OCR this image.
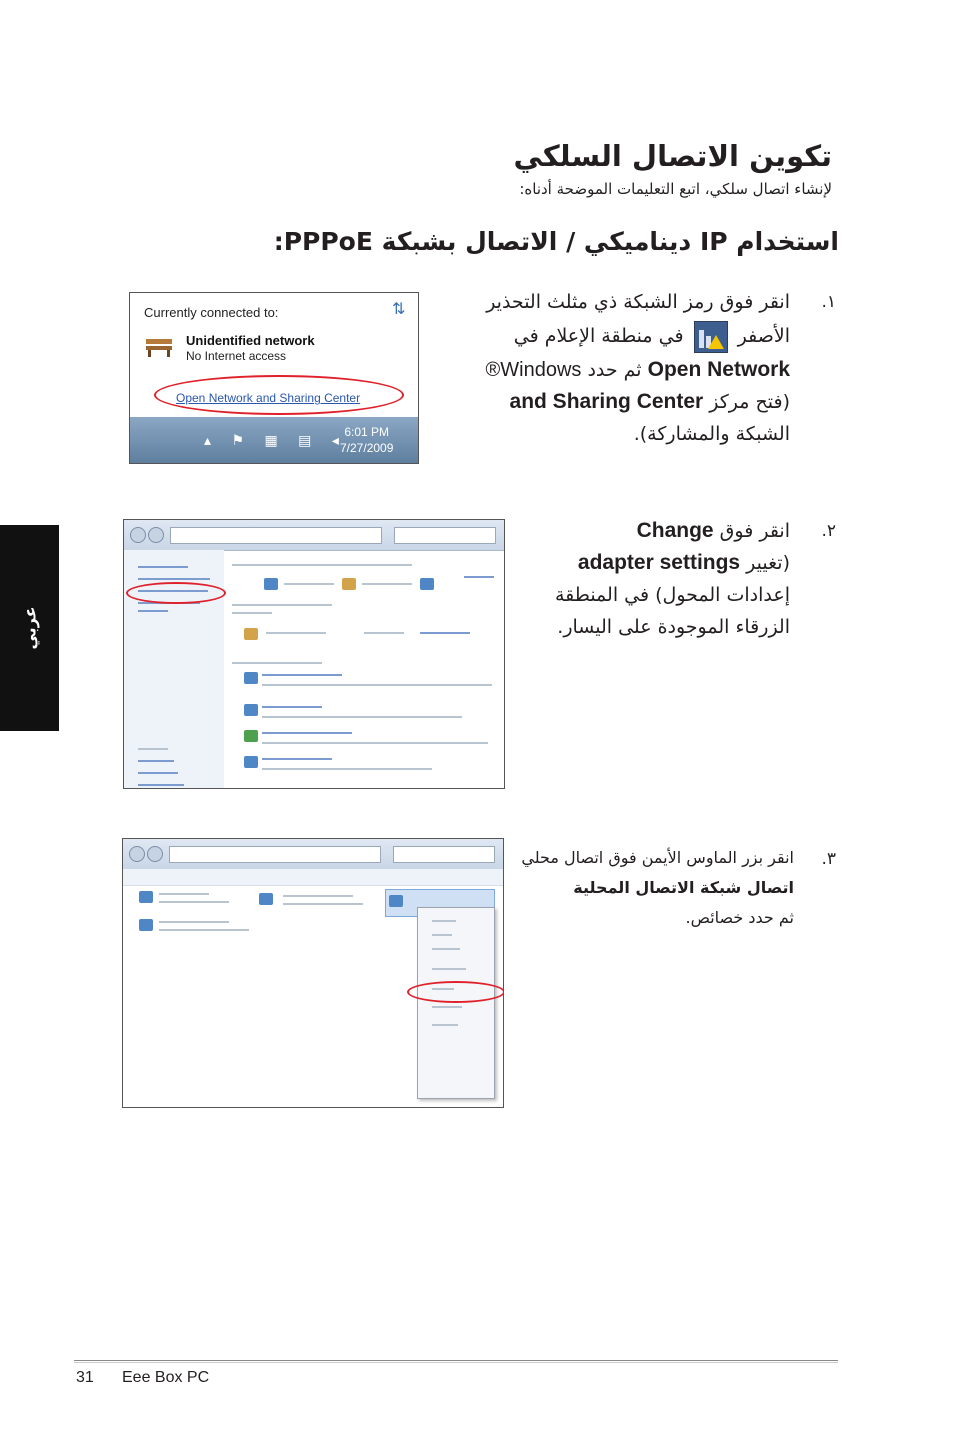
تكوين الاتصال السلكي
لإنشاء اتصال سلكي، اتبع التعليمات الموضحة أدناه:
استخدام IP ديناميكي / الاتصال بشبكة PPPoE:
.١
انقر فوق رمز الشبكة ذي مثلث التحذير
الأصفر
في منطقة الإعلام في
Open Network ثم حدد Windows®
(فتح مركز and Sharing Center
الشبكة والمشاركة).
Currently connected to:	⇅
Unidentified network
No Internet access
Open Network and Sharing Center
▴ ⚑ ▦ ▤ ◂
6:01 PM
7/27/2009
.٢
انقر فوق Change
(تغيير adapter settings
إعدادات المحول) في المنطقة
الزرقاء الموجودة على اليسار.
.٣
انقر بزر الماوس الأيمن فوق اتصال محلي
اتصال شبكة الاتصال المحلية
ثم حدد خصائص.
عربي
31 Eee Box PC
